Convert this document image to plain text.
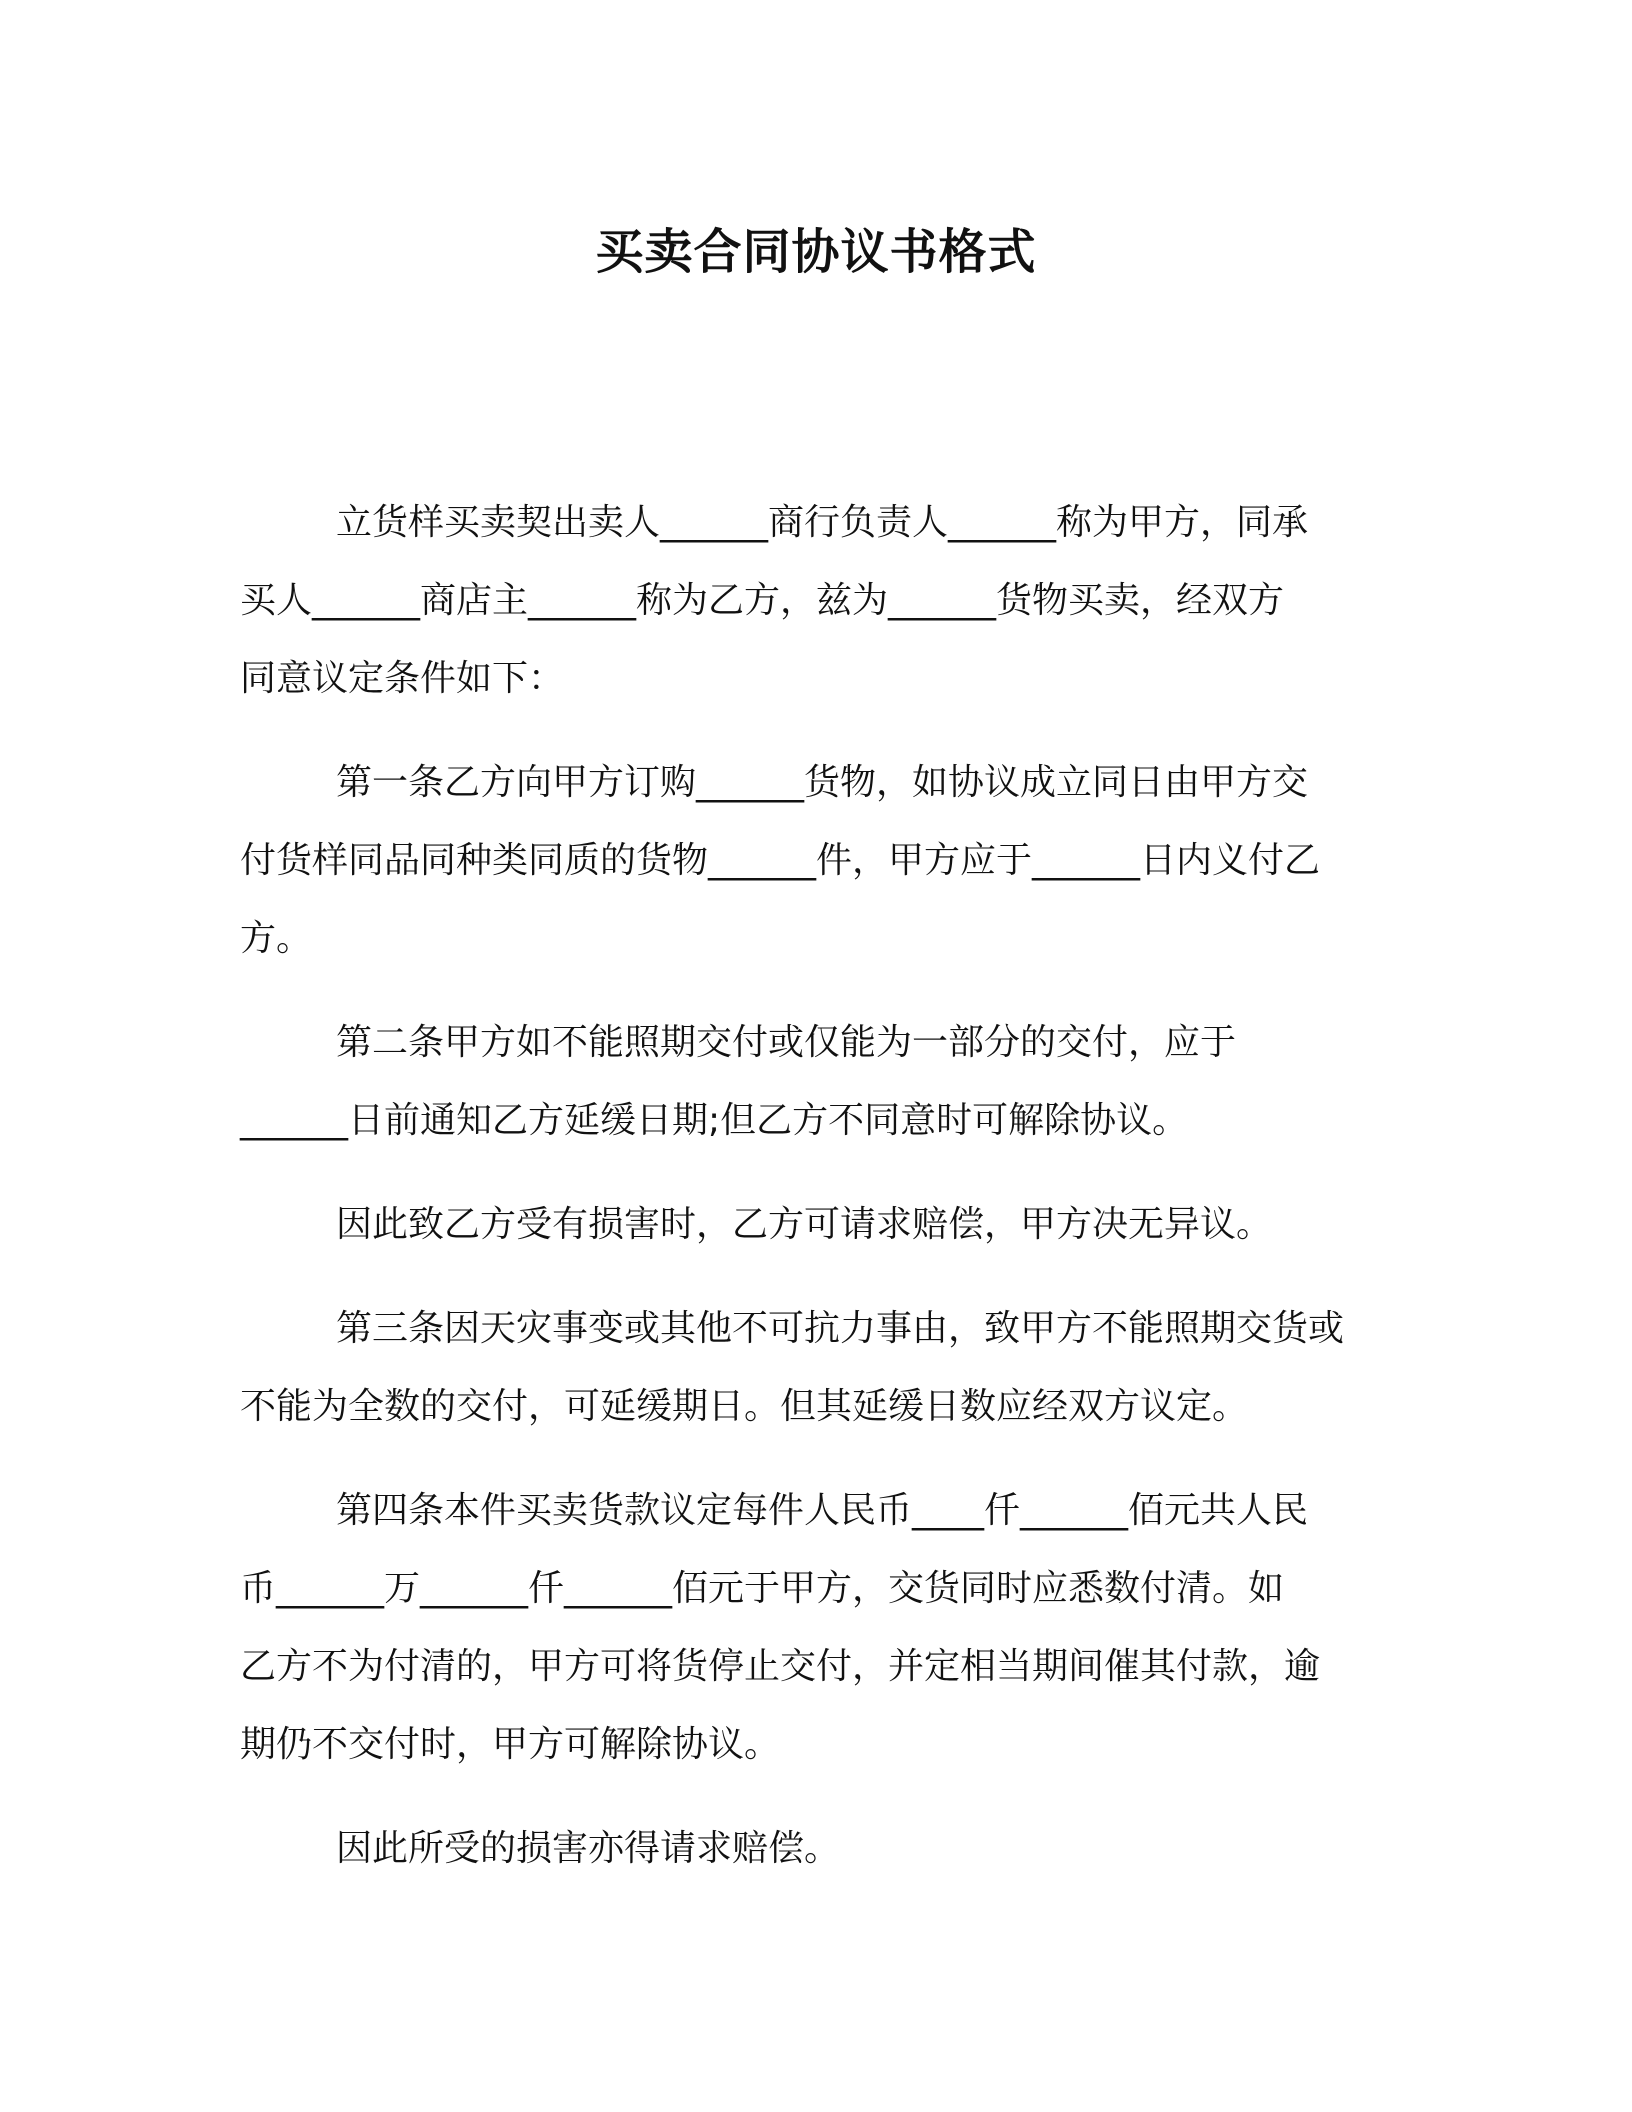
买卖合同协议书格式

立货样买卖契出卖人______商行负责人______称为甲方，同承
买人______商店主______称为乙方，兹为______货物买卖，经双方
同意议定条件如下：

第一条乙方向甲方订购______货物，如协议成立同日由甲方交
付货样同品同种类同质的货物______件，甲方应于______日内义付乙
方。

第二条甲方如不能照期交付或仅能为一部分的交付，应于
______日前通知乙方延缓日期;但乙方不同意时可解除协议。

因此致乙方受有损害时，乙方可请求赔偿，甲方决无异议。

第三条因天灾事变或其他不可抗力事由，致甲方不能照期交货或
不能为全数的交付，可延缓期日。但其延缓日数应经双方议定。

第四条本件买卖货款议定每件人民币____仟______佰元共人民
币______万______仟______佰元于甲方，交货同时应悉数付清。如
乙方不为付清的，甲方可将货停止交付，并定相当期间催其付款，逾
期仍不交付时，甲方可解除协议。

因此所受的损害亦得请求赔偿。
